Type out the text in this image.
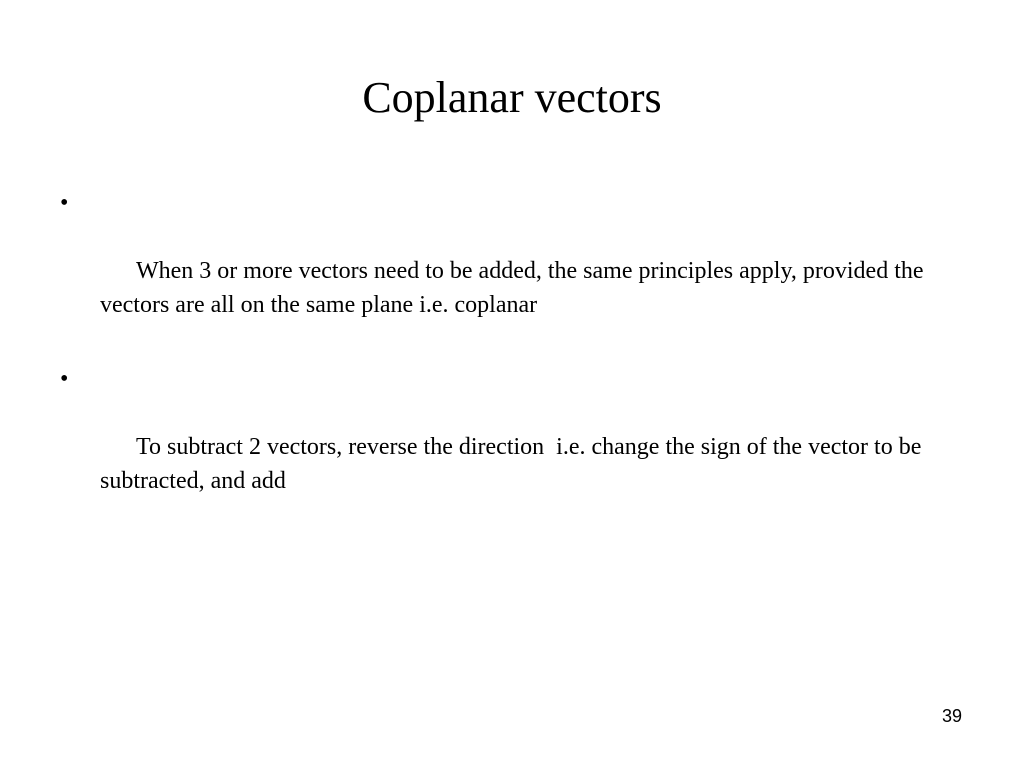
Coplanar vectors

•

When 3 or more vectors need to be added, the same principles apply, provided the vectors are all on the same plane i.e. coplanar

•

To subtract 2 vectors, reverse the direction  i.e. change the sign of the vector to be subtracted, and add

39
